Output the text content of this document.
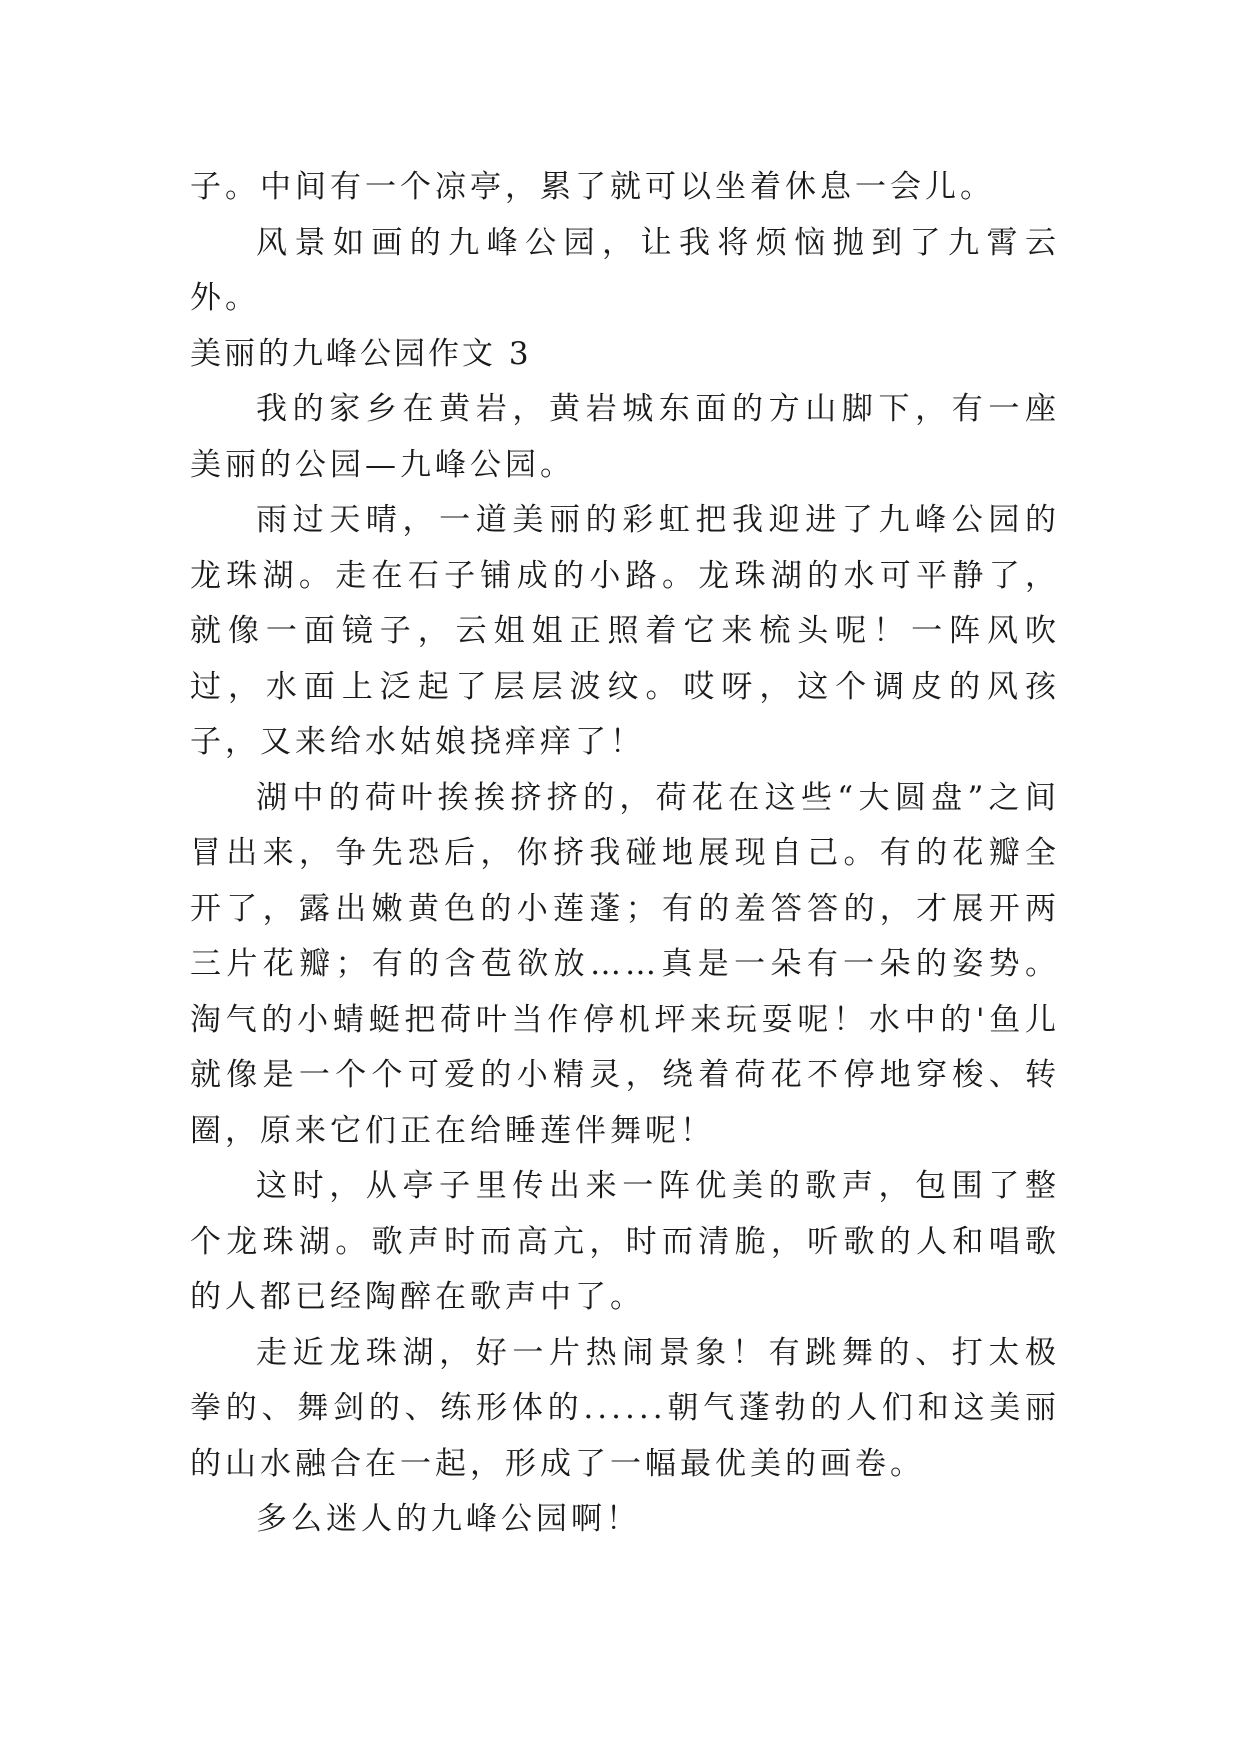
子。中间有一个凉亭，累了就可以坐着休息一会儿。

风景如画的九峰公园，让我将烦恼抛到了九霄云外。

美丽的九峰公园作文 3

我的家乡在黄岩，黄岩城东面的方山脚下，有一座美丽的公园—九峰公园。

雨过天晴，一道美丽的彩虹把我迎进了九峰公园的龙珠湖。走在石子铺成的小路。龙珠湖的水可平静了，就像一面镜子，云姐姐正照着它来梳头呢！一阵风吹过，水面上泛起了层层波纹。哎呀，这个调皮的风孩子，又来给水姑娘挠痒痒了！

湖中的荷叶挨挨挤挤的，荷花在这些“大圆盘”之间冒出来，争先恐后，你挤我碰地展现自己。有的花瓣全开了，露出嫩黄色的小莲蓬；有的羞答答的，才展开两三片花瓣；有的含苞欲放……真是一朵有一朵的姿势。淘气的小蜻蜓把荷叶当作停机坪来玩耍呢！水中的'鱼儿就像是一个个可爱的小精灵，绕着荷花不停地穿梭、转圈，原来它们正在给睡莲伴舞呢！

这时，从亭子里传出来一阵优美的歌声，包围了整个龙珠湖。歌声时而高亢，时而清脆，听歌的人和唱歌的人都已经陶醉在歌声中了。

走近龙珠湖，好一片热闹景象！有跳舞的、打太极拳的、舞剑的、练形体的......朝气蓬勃的人们和这美丽的山水融合在一起，形成了一幅最优美的画卷。

多么迷人的九峰公园啊！
